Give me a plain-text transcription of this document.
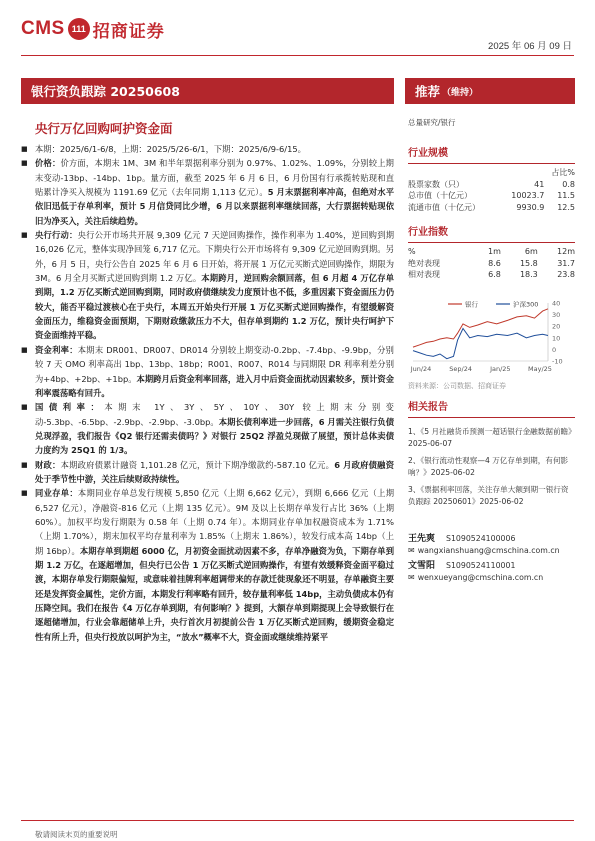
CMS 111 招商证券
2025 年 06 月 09 日
银行资负跟踪 20250608	推荐 （维持）
央行万亿回购呵护资金面
■ 本期：2025/6/1-6/8，上期：2025/5/26-6/1，下期：2025/6/9-6/15。
■ 价格：价方面，本期末 1M、3M 和半年票据利率分别为 0.97%、1.02%、1.09%，分别较上期末变动-13bp、-14bp、1bp。量方面，截至 2025 年 6 月 6 日，6 月份国有行承揽转贴现和直贴累计净买入规模为 1191.69 亿元（去年同期 1,113 亿元）。5 月末票据利率冲高，但绝对水平依旧迅低于存单利率，预计 5 月信贷同比少增，6 月以来票据利率继续回落，大行票据转贴现依旧为净买入，关注后续趋势。
■ 央行行动：央行公开市场共开展 9,309 亿元 7 天逆回购操作，操作利率为 1.40%，逆回购到期 16,026 亿元，整体实现净回笼 6,717 亿元。下期央行公开市场将有 9,309 亿元逆回购到期。另外，6 月 5 日，央行公告自 2025 年 6 月 6 日开始，将开展 1 万亿元买断式逆回购操作，期限为 3M。6 月全月买断式逆回购到期 1.2 万亿。本期跨月，逆回购余额回落，但 6 月超 4 万亿存单到期，1.2 万亿买断式逆回购到期，同时政府债继续发力度预计也不低，多重因素下资金面压力仍较大，能否平稳过渡核心在于央行，本周五开始央行开展 1 万亿买断式逆回购操作，有望缓解资金面压力，维稳资金面预期，下期财政缴款压力不大，但存单到期约 1.2 万亿，预计央行呵护下资金面维持平稳。
■ 资金利率：本期末 DR001、DR007、DR014 分别较上期变动-0.2bp、-7.4bp、-9.9bp，分别较 7 天 OMO 利率高出 1bp、13bp、18bp；R001、R007、R014 与同期限 DR 利率利差分别为+4bp、+2bp、+1bp。本期跨月后资金利率回落，进入月中后资金面扰动因素较多，预计资金利率震荡略有回升。
■ 国债利率：本期末 1Y、3Y、5Y、10Y、30Y 较上期末分别变动-5.3bp、-6.5bp、-2.9bp、-2.9bp、-3.0bp。本期长债利率进一步回落，6 月需关注银行负债兑现浮盈，我们报告《Q2 银行还需卖债吗？》对银行 25Q2 浮盈兑现做了展望，预计总体卖债力度约为 25Q1 的 1/3。
■ 财政：本期政府债累计融资 1,101.28 亿元，预计下期净缴款约-587.10 亿元。6 月政府债融资处于季节性中游，关注后续财政持续性。
■ 同业存单：本期同业存单总发行规模 5,850 亿元（上期 6,662 亿元），到期 6,666 亿元（上期 6,527 亿元），净融资-816 亿元（上期 135 亿元）。9M 及以上长期存单发行占比 36%（上期 60%）。加权平均发行期限为 0.58 年（上期 0.74 年）。本期同业存单加权融资成本为 1.71%（上期 1.70%），期末加权平均存量利率为 1.85%（上期末 1.86%），较发行成本高 14bp（上期 16bp）。本期存单到期超 6000 亿，月初资金面扰动因素不多，存单净融资为负，下期存单到期 1.2 万亿，在逐超增加，但央行已公告 1 万亿买断式逆回购操作，有望有效缓释资金面平稳过渡，本期存单发行期限偏短，或意味着挂牌利率超调带来的存款迁徙现象还不明显，存单融资主要还是发挥资金属性，定价方面，本期发行利率略有回升，较存量利率低 14bp，主动负债成本仍有压降空间。我们在报告《4 万亿存单到期，有何影响？》提到，大额存单到期提现上会导致银行在逐超储增加，行业会靠超储单上升，央行首次月初提前公告 1 万亿买断式逆回购，缓期资金稳定性有所上升，但央行投放以呵护为主，“放水”概率不大，资金面或继续维持紧平
总量研究/银行
行业规模
		占比%
股票家数（只）	41	0.8
总市值（十亿元）	10023.7	11.5
流通市值（十亿元）	9930.9	12.5
行业指数
%	1m	6m	12m
绝对表现	8.6	15.8	31.7
相对表现	6.8	18.3	23.8
40
30
20
10
0
-10
Jun/24	Sep/24	Jan/25	May/25
银行	沪深300
资料来源：公司数据、招商证券
相关报告
1、《5 月社融货币预测一超话银行金融数据前瞻》2025-06-07
2、《银行流动性观察—4 万亿存单到期，有何影响？》2025-06-02
3、《票据利率回落，关注存单大额到期一银行资负跟踪 20250601》2025-06-02
王先爽 S1090524100006
✉ wangxianshuang@cmschina.com.cn
文雪阳 S1090524110001
✉ wenxueyang@cmschina.com.cn
敬请阅读末页的重要说明
